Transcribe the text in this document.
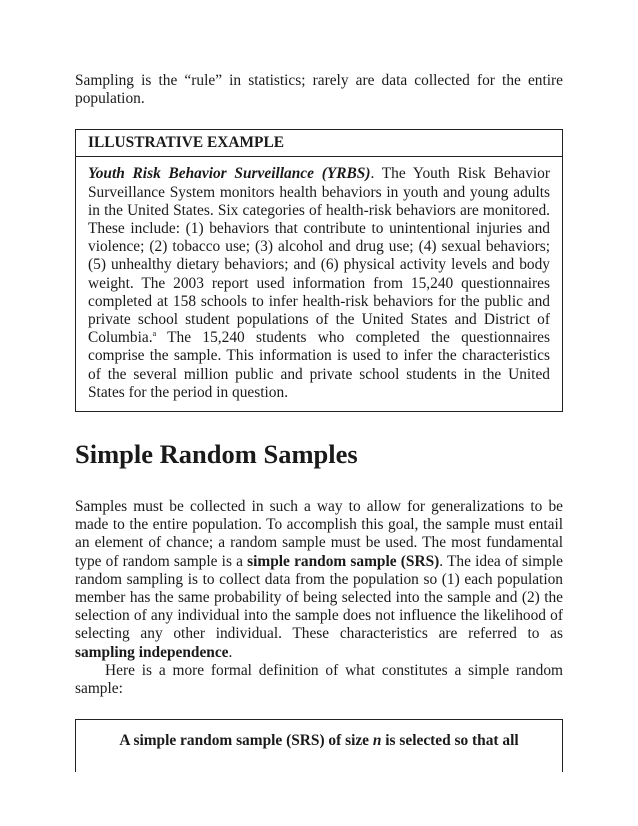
Sampling is the “rule” in statistics; rarely are data collected for the entire population.

ILLUSTRATIVE EXAMPLE

Youth Risk Behavior Surveillance (YRBS). The Youth Risk Behavior Surveillance System monitors health behaviors in youth and young adults in the United States. Six categories of health-risk behaviors are monitored. These include: (1) behaviors that contribute to unintentional injuries and violence; (2) tobacco use; (3) alcohol and drug use; (4) sexual behaviors; (5) unhealthy dietary behaviors; and (6) physical activity levels and body weight. The 2003 report used information from 15,240 questionnaires completed at 158 schools to infer health-risk behaviors for the public and private school student populations of the United States and District of Columbia.$^a$ The 15,240 students who completed the questionnaires comprise the sample. This information is used to infer the characteristics of the several million public and private school students in the United States for the period in question.

Simple Random Samples

Samples must be collected in such a way to allow for generalizations to be made to the entire population. To accomplish this goal, the sample must entail an element of chance; a random sample must be used. The most fundamental type of random sample is a simple random sample (SRS). The idea of simple random sampling is to collect data from the population so (1) each population member has the same probability of being selected into the sample and (2) the selection of any individual into the sample does not influence the likelihood of selecting any other individual. These characteristics are referred to as sampling independence.

Here is a more formal definition of what constitutes a simple random sample:

A simple random sample (SRS) of size n is selected so that all
